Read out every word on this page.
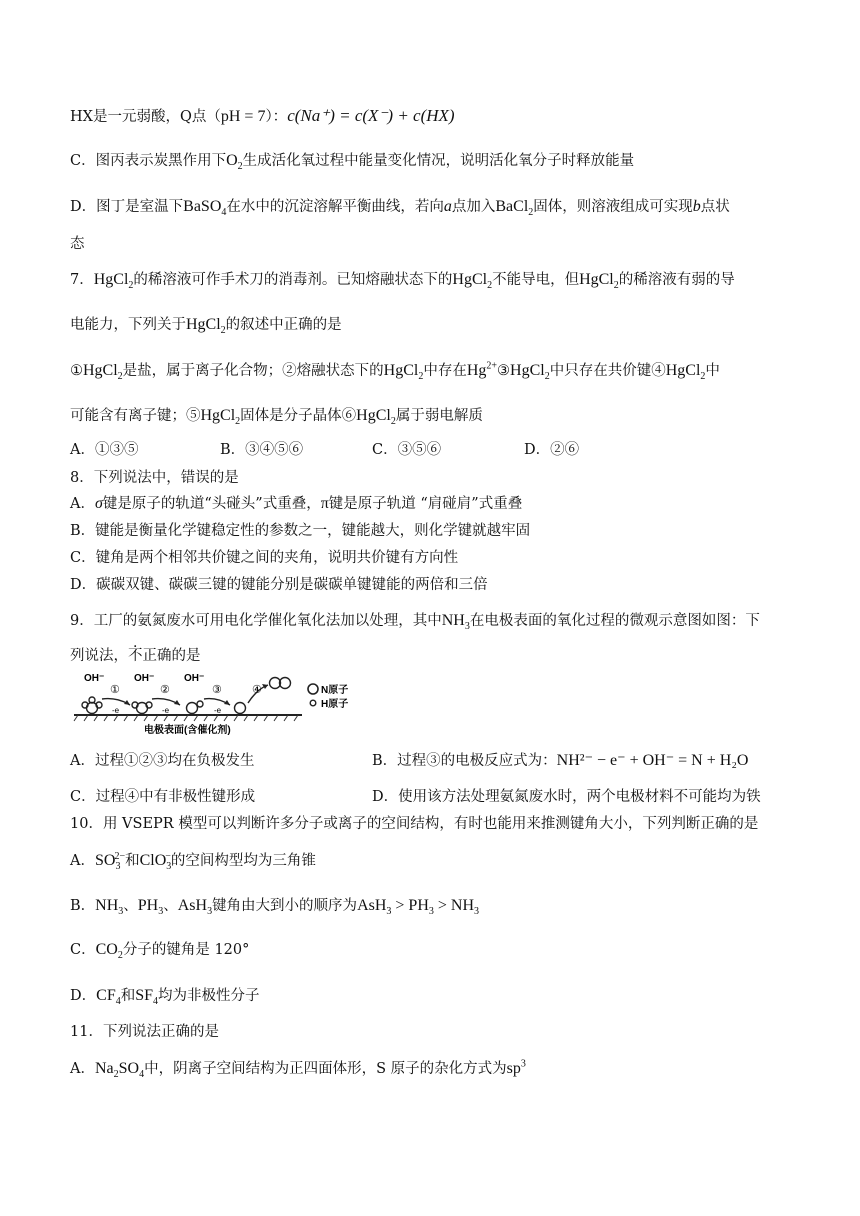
HX是一元弱酸，Q点（pH = 7）：c(Na⁺) = c(X⁻) + c(HX)
C．图丙表示炭黑作用下$O_2$生成活化氧过程中能量变化情况，说明活化氧分子时释放能量
D．图丁是室温下BaSO$_4$在水中的沉淀溶解平衡曲线，若向a点加入BaCl$_2$固体，则溶液组成可实现b点状
态
7．HgCl$_2$的稀溶液可作手术刀的消毒剂。已知熔融状态下的HgCl$_2$不能导电，但HgCl$_2$的稀溶液有弱的导
电能力，下列关于HgCl$_2$的叙述中正确的是
①HgCl$_2$是盐，属于离子化合物；②熔融状态下的HgCl$_2$中存在$Hg^{2+}③HgCl_2$中只存在共价键④HgCl$_2$中
可能含有离子键；⑤HgCl$_2$固体是分子晶体⑥HgCl$_2$属于弱电解质
A．①③⑤	B．③④⑤⑥	C．③⑤⑥	D．②⑥
8．下列说法中，错误的是
A．σ键是原子的轨道“头碰头”式重叠，π键是原子轨道 “肩碰肩”式重叠
B．键能是衡量化学键稳定性的参数之一，键能越大，则化学键就越牢固
C．键角是两个相邻共价键之间的夹角，说明共价键有方向性
D．碳碳双键、碳碳三键的键能分别是碳碳单键键能的两倍和三倍
9．工厂的氨氮废水可用电化学催化氧化法加以处理，其中$NH_3$在电极表面的氧化过程的微观示意图如图：下
列说法，不正确的是
OH⁻	OH⁻	OH⁻
①	②	③	④
-e	-e	-e
N原子
H原子
电极表面(含催化剂)
A．过程①②③均在负极发生	B．过程③的电极反应式为：NH²⁻ − e⁻ + OH⁻ = N + H₂O
C．过程④中有非极性键形成	D．使用该方法处理氨氮废水时，两个电极材料不可能均为铁
10．用 VSEPR 模型可以判断许多分子或离子的空间结构，有时也能用来推测键角大小，下列判断正确的是
A．$SO_3^{2-}$和ClO$_3$−的空间构型均为三角锥
B．$NH_3$、$PH_3$、AsH$_3$键角由大到小的顺序为$AsH_3 > PH_3 > NH_3$
C．$CO_2$分子的键角是 120°
D．$CF_4$和$SF_4$均为非极性分子
11．下列说法正确的是
A．$Na_2SO_4$中，阴离子空间结构为正四面体形，S 原子的杂化方式为$sp^3$
